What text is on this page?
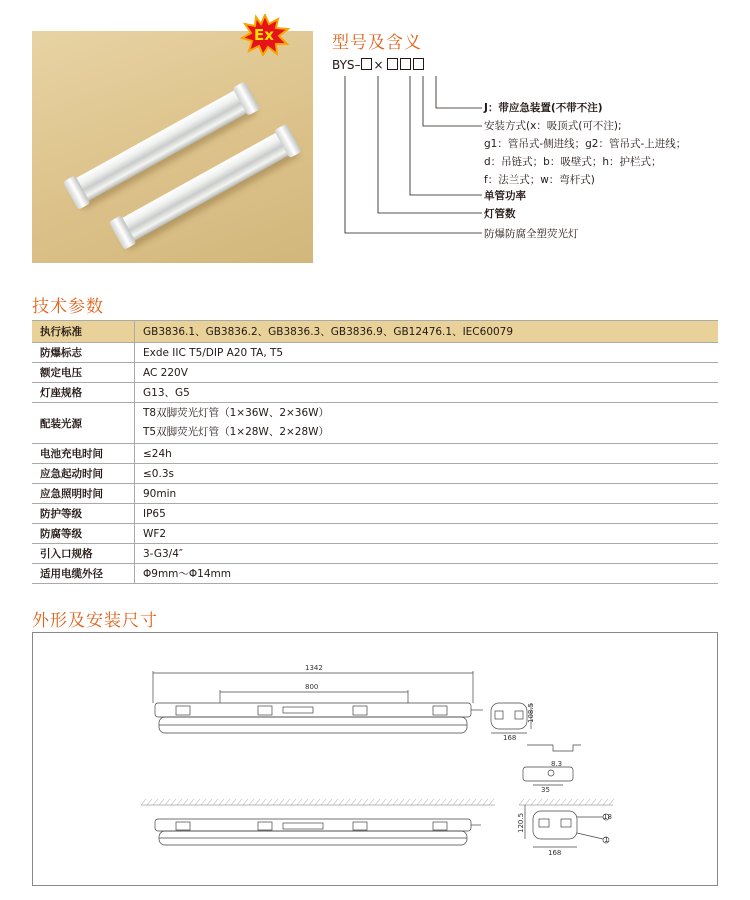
Ex	型号及含义
BYS– ×
J：带应急装置(不带不注)
安装方式(x：吸顶式(可不注);
g1：管吊式-侧进线；g2：管吊式-上进线；
d：吊链式；b：吸壁式；h：护栏式；
f：法兰式；w：弯杆式)
单管功率
灯管数
防爆防腐全塑荧光灯
技术参数
执行标准	GB3836.1、GB3836.2、GB3836.3、GB3836.9、GB12476.1、IEC60079
防爆标志	Exde IIC T5/DIP A20 TA, T5
额定电压	AC 220V
灯座规格	G13、G5
配装光源	T8双脚荧光灯管（1×36W、2×36W）
T5双脚荧光灯管（1×28W、2×28W）

电池充电时间	≤24h
应急起动时间	≤0.3s
应急照明时间	90min
防护等级	IP65
防腐等级	WF2
引入口规格	3-G3/4″
适用电缆外径	Φ9mm～Φ14mm
外形及安装尺寸
1342
800
168
108.5
8.3
35
168
120.5	18
1
